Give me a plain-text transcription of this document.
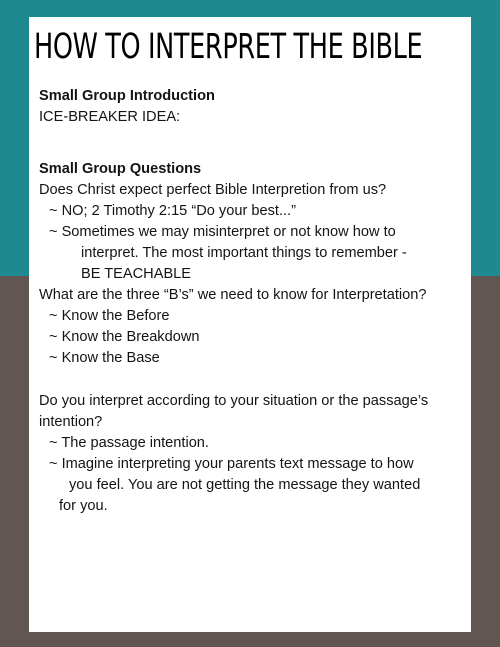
HOW TO INTERPRET THE BIBLE
Small Group Introduction
ICE-BREAKER IDEA:
Small Group Questions
Does Christ expect perfect Bible Interpretion from us?
~ NO; 2 Timothy 2:15 “Do your best...”
~ Sometimes we may misinterpret or not know how to
interpret. The most important things to remember -
BE TEACHABLE
What are the three “B’s” we need to know for Interpretation?
~ Know the Before
~ Know the Breakdown
~ Know the Base
Do you interpret according to your situation or the passage’s
intention?
~ The passage intention.
~ Imagine interpreting your parents text message to how
you feel. You are not getting the message they wanted
for you.
